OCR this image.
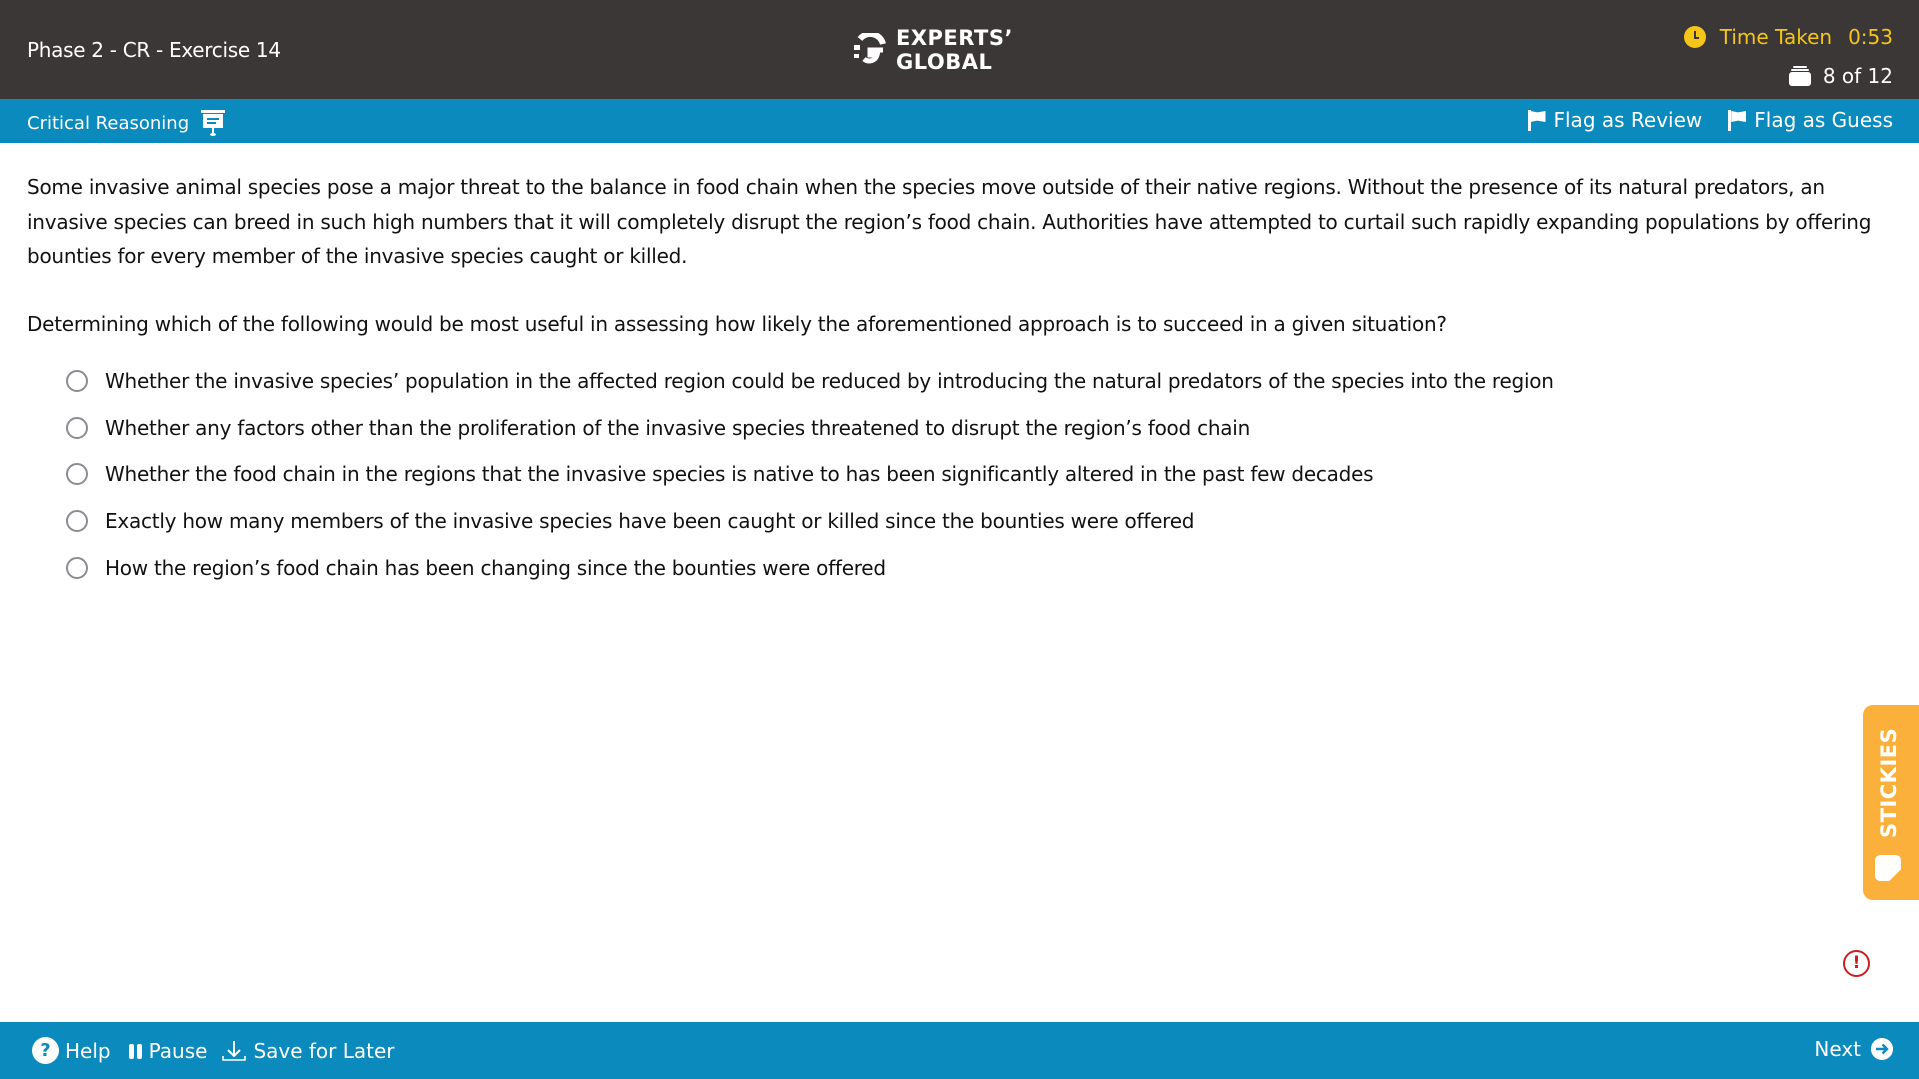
Phase 2 - CR - Exercise 14	EXPERTS’
GLOBAL
Time Taken 0:53
8 of 12
Critical Reasoning	Flag as Review	Flag as Guess

Some invasive animal species pose a major threat to the balance in food chain when the species move outside of their native regions. Without the presence of its natural predators, an invasive species can breed in such high numbers that it will completely disrupt the region’s food chain. Authorities have attempted to curtail such rapidly expanding populations by offering bounties for every member of the invasive species caught or killed.

Determining which of the following would be most useful in assessing how likely the aforementioned approach is to succeed in a given situation?

Whether the invasive species’ population in the affected region could be reduced by introducing the natural predators of the species into the region
Whether any factors other than the proliferation of the invasive species threatened to disrupt the region’s food chain
Whether the food chain in the regions that the invasive species is native to has been significantly altered in the past few decades
Exactly how many members of the invasive species have been caught or killed since the bounties were offered
How the region’s food chain has been changing since the bounties were offered
STICKIES
!
? Help Pause Save for Later	Next
